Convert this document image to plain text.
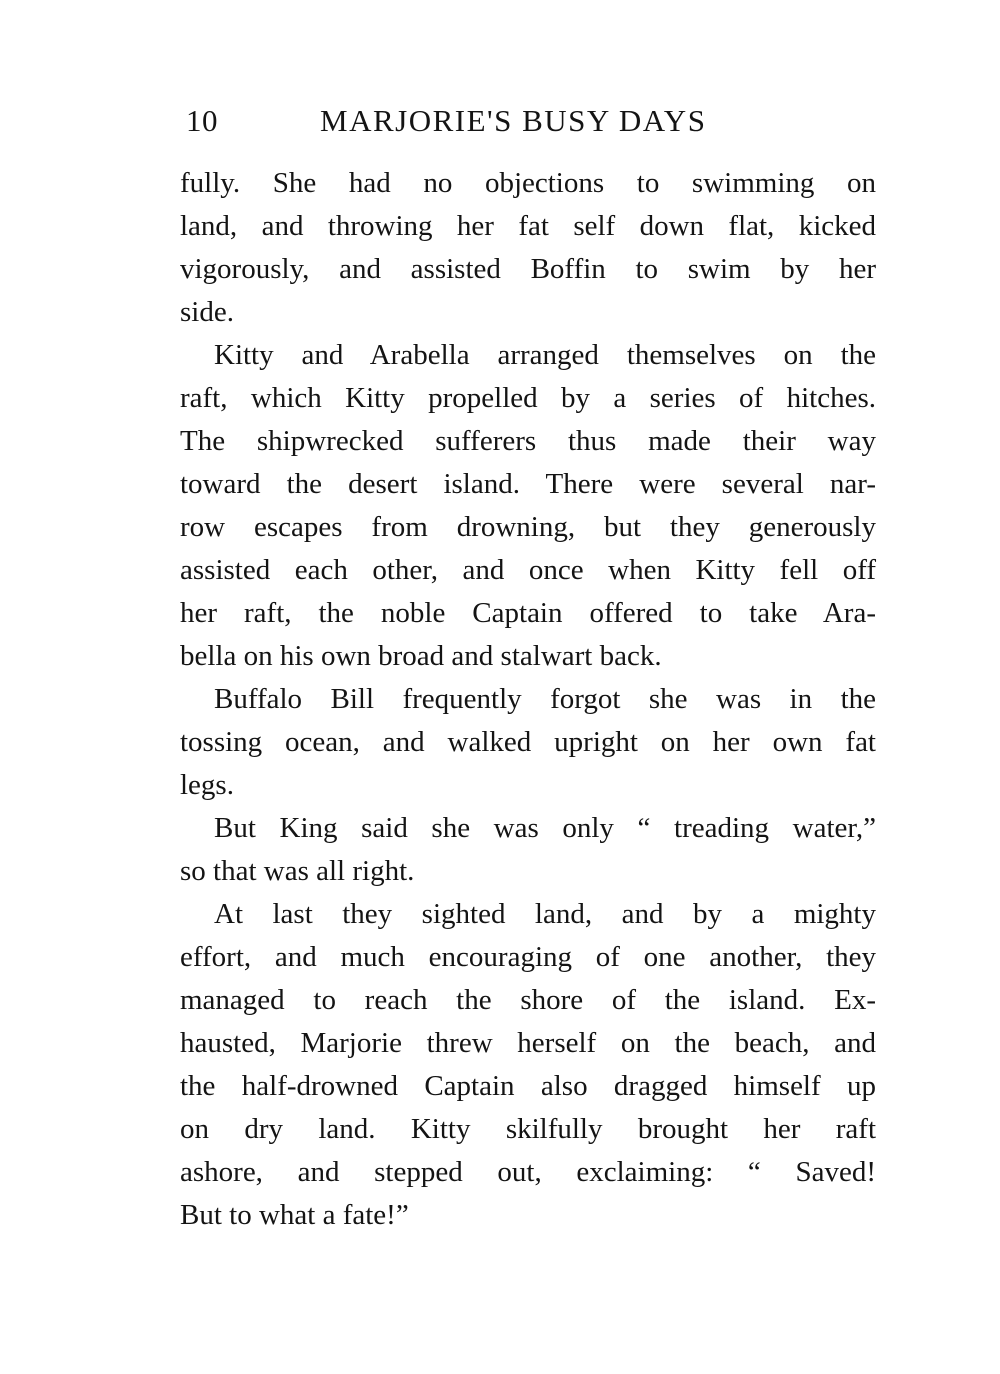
10	MARJORIE'S BUSY DAYS
fully. She had no objections to swimming on
land, and throwing her fat self down flat, kicked
vigorously, and assisted Boffin to swim by her
side.
Kitty and Arabella arranged themselves on the
raft, which Kitty propelled by a series of hitches.
The shipwrecked sufferers thus made their way
toward the desert island. There were several nar-
row escapes from drowning, but they generously
assisted each other, and once when Kitty fell off
her raft, the noble Captain offered to take Ara-
bella on his own broad and stalwart back.
Buffalo Bill frequently forgot she was in the
tossing ocean, and walked upright on her own fat
legs.
But King said she was only “ treading water,”
so that was all right.
At last they sighted land, and by a mighty
effort, and much encouraging of one another, they
managed to reach the shore of the island. Ex-
hausted, Marjorie threw herself on the beach, and
the half-drowned Captain also dragged himself up
on dry land. Kitty skilfully brought her raft
ashore, and stepped out, exclaiming: “ Saved!
But to what a fate!”
